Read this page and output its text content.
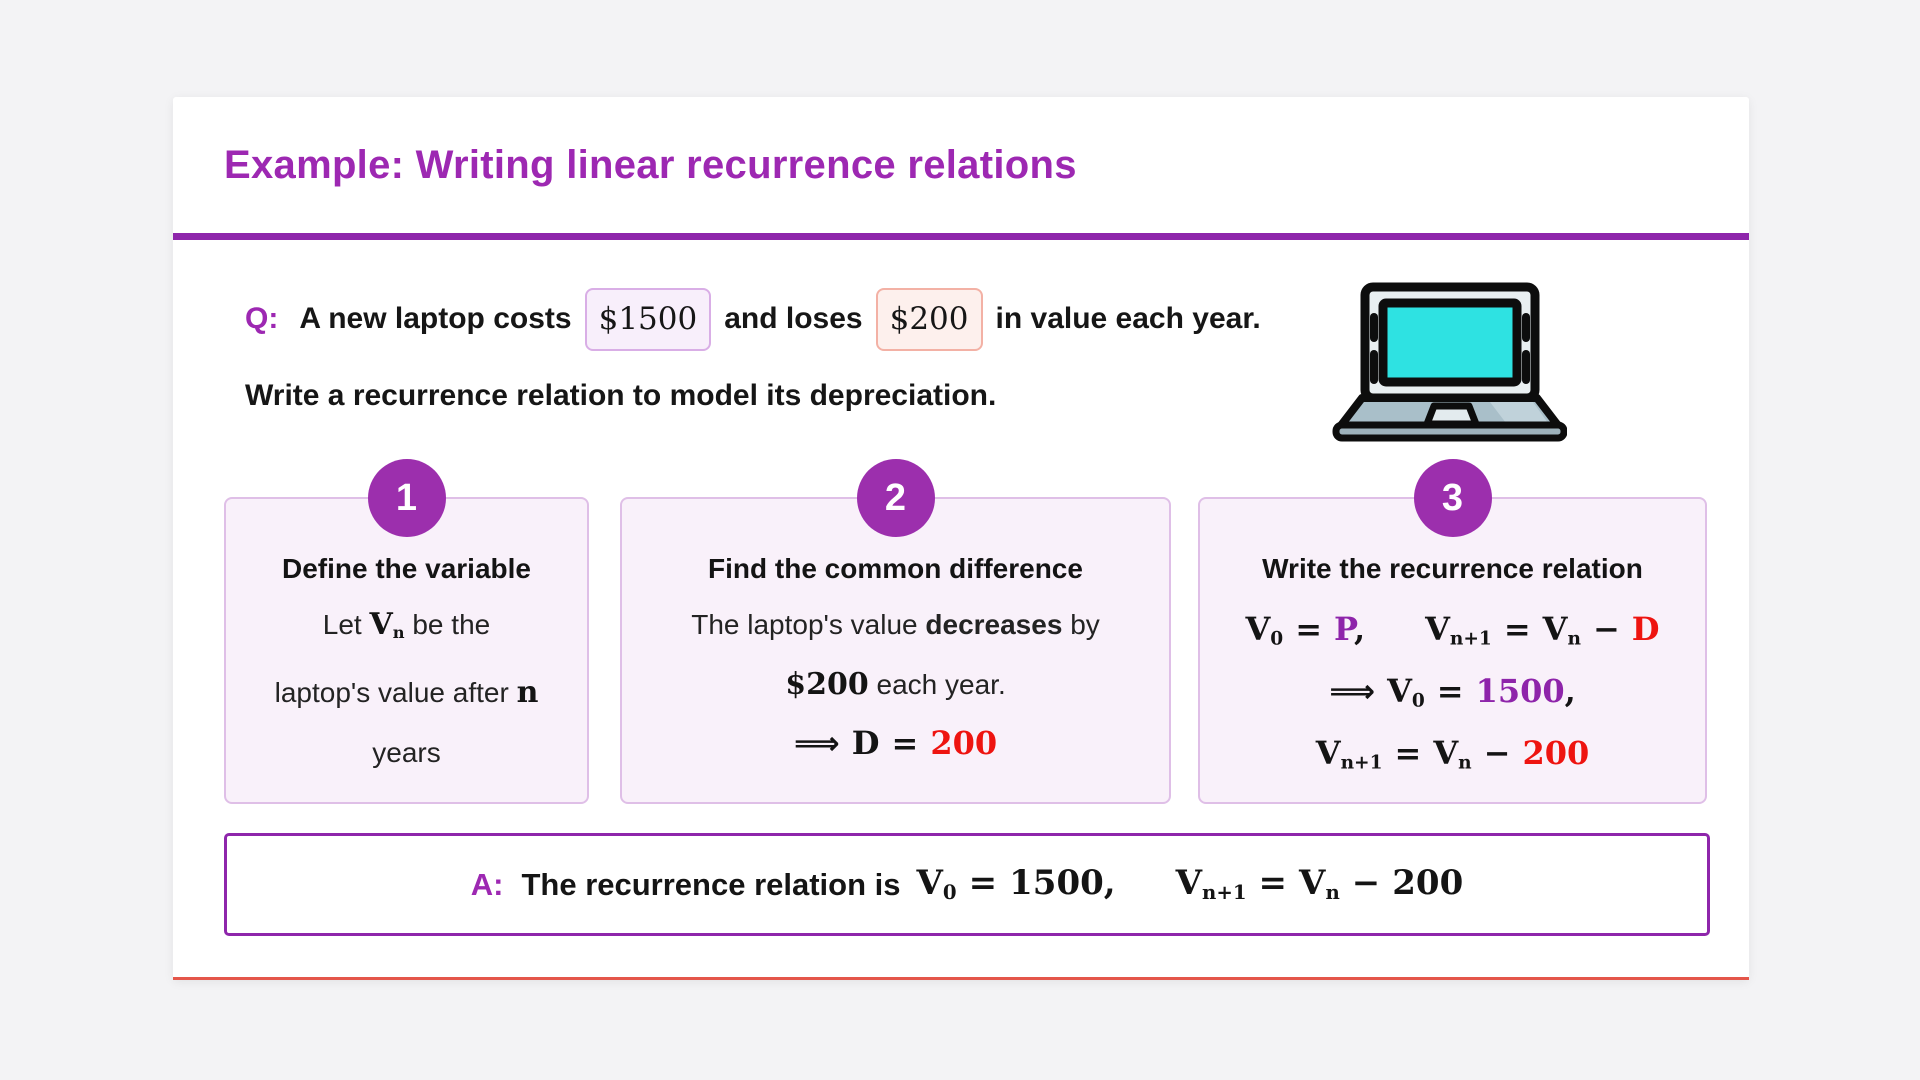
Example: Writing linear recurrence relations
Q: A new laptop costs $1500 and loses $200 in value each year.
Write a recurrence relation to model its depreciation.
1
Define the variable
Let $V_n$ be the
laptop's value after n
years
2
Find the common difference
The laptop's value decreases by
$200 each year.
⟹ D = 200
3
Write the recurrence relation
$V_0 = P$, $V_{n+1} = V_n - D$
⟹ $V_0 = 1500$,
$V_{n+1} = V_n - 200$
A: The recurrence relation is $V_0 = 1500$, $V_{n+1} = V_n - 200$
